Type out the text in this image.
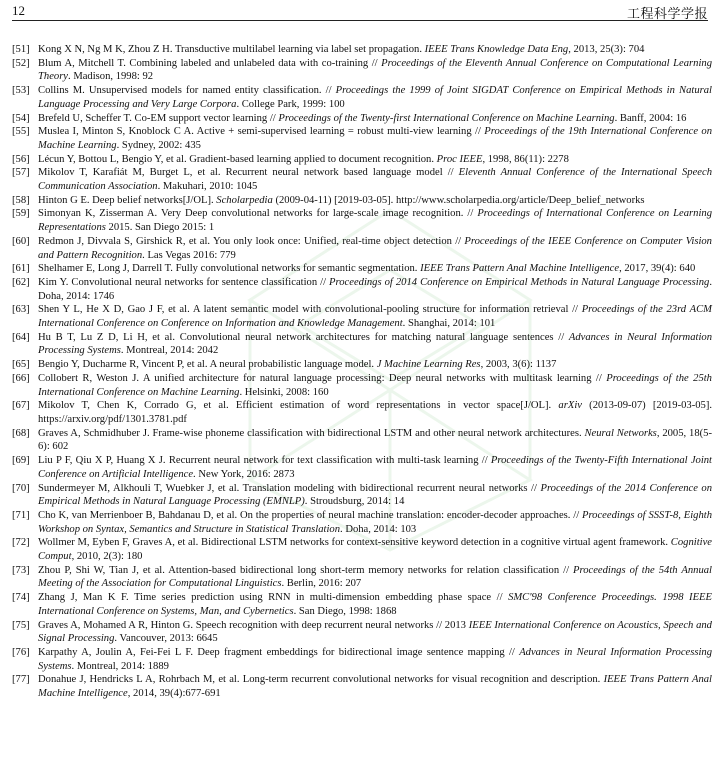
12	工程科学学报
[51] Kong X N, Ng M K, Zhou Z H. Transductive multilabel learning via label set propagation. IEEE Trans Knowledge Data Eng, 2013, 25(3): 704
[52] Blum A, Mitchell T. Combining labeled and unlabeled data with co-training // Proceedings of the Eleventh Annual Conference on Computational Learning Theory. Madison, 1998: 92
[53] Collins M. Unsupervised models for named entity classification. // Proceedings the 1999 of Joint SIGDAT Conference on Empirical Methods in Natural Language Processing and Very Large Corpora. College Park, 1999: 100
[54] Brefeld U, Scheffer T. Co-EM support vector learning // Proceedings of the Twenty-first International Conference on Machine Learning. Banff, 2004: 16
[55] Muslea I, Minton S, Knoblock C A. Active + semi-supervised learning = robust multi-view learning // Proceedings of the 19th International Conference on Machine Learning. Sydney, 2002: 435
[56] Lécun Y, Bottou L, Bengio Y, et al. Gradient-based learning applied to document recognition. Proc IEEE, 1998, 86(11): 2278
[57] Mikolov T, Karafiát M, Burget L, et al. Recurrent neural network based language model // Eleventh Annual Conference of the International Speech Communication Association. Makuhari, 2010: 1045
[58] Hinton G E. Deep belief networks[J/OL]. Scholarpedia (2009-04-11) [2019-03-05]. http://www.scholarpedia.org/article/Deep_belief_networks
[59] Simonyan K, Zisserman A. Very Deep convolutional networks for large-scale image recognition. // Proceedings of International Conference on Learning Representations 2015. San Diego 2015: 1
[60] Redmon J, Divvala S, Girshick R, et al. You only look once: Unified, real-time object detection // Proceedings of the IEEE Conference on Computer Vision and Pattern Recognition. Las Vegas 2016: 779
[61] Shelhamer E, Long J, Darrell T. Fully convolutional networks for semantic segmentation. IEEE Trans Pattern Anal Machine Intelligence, 2017, 39(4): 640
[62] Kim Y. Convolutional neural networks for sentence classification // Proceedings of 2014 Conference on Empirical Methods in Natural Language Processing. Doha, 2014: 1746
[63] Shen Y L, He X D, Gao J F, et al. A latent semantic model with convolutional-pooling structure for information retrieval // Proceedings of the 23rd ACM International Conference on Conference on Information and Knowledge Management. Shanghai, 2014: 101
[64] Hu B T, Lu Z D, Li H, et al. Convolutional neural network architectures for matching natural language sentences // Advances in Neural Information Processing Systems. Montreal, 2014: 2042
[65] Bengio Y, Ducharme R, Vincent P, et al. A neural probabilistic language model. J Machine Learning Res, 2003, 3(6): 1137
[66] Collobert R, Weston J. A unified architecture for natural language processing: Deep neural networks with multitask learning // Proceedings of the 25th International Conference on Machine Learning. Helsinki, 2008: 160
[67] Mikolov T, Chen K, Corrado G, et al. Efficient estimation of word representations in vector space[J/OL]. arXiv (2013-09-07) [2019-03-05]. https://arxiv.org/pdf/1301.3781.pdf
[68] Graves A, Schmidhuber J. Frame-wise phoneme classification with bidirectional LSTM and other neural network architectures. Neural Networks, 2005, 18(5-6): 602
[69] Liu P F, Qiu X P, Huang X J. Recurrent neural network for text classification with multi-task learning // Proceedings of the Twenty-Fifth International Joint Conference on Artificial Intelligence. New York, 2016: 2873
[70] Sundermeyer M, Alkhouli T, Wuebker J, et al. Translation modeling with bidirectional recurrent neural networks // Proceedings of the 2014 Conference on Empirical Methods in Natural Language Processing (EMNLP). Stroudsburg, 2014: 14
[71] Cho K, van Merrienboer B, Bahdanau D, et al. On the properties of neural machine translation: encoder-decoder approaches. // Proceedings of SSST-8, Eighth Workshop on Syntax, Semantics and Structure in Statistical Translation. Doha, 2014: 103
[72] Wollmer M, Eyben F, Graves A, et al. Bidirectional LSTM networks for context-sensitive keyword detection in a cognitive virtual agent framework. Cognitive Comput, 2010, 2(3): 180
[73] Zhou P, Shi W, Tian J, et al. Attention-based bidirectional long short-term memory networks for relation classification // Proceedings of the 54th Annual Meeting of the Association for Computational Linguistics. Berlin, 2016: 207
[74] Zhang J, Man K F. Time series prediction using RNN in multi-dimension embedding phase space // SMC'98 Conference Proceedings. 1998 IEEE International Conference on Systems, Man, and Cybernetics. San Diego, 1998: 1868
[75] Graves A, Mohamed A R, Hinton G. Speech recognition with deep recurrent neural networks // 2013 IEEE International Conference on Acoustics, Speech and Signal Processing. Vancouver, 2013: 6645
[76] Karpathy A, Joulin A, Fei-Fei L F. Deep fragment embeddings for bidirectional image sentence mapping // Advances in Neural Information Processing Systems. Montreal, 2014: 1889
[77] Donahue J, Hendricks L A, Rohrbach M, et al. Long-term recurrent convolutional networks for visual recognition and description. IEEE Trans Pattern Anal Machine Intelligence, 2014, 39(4):677-691
